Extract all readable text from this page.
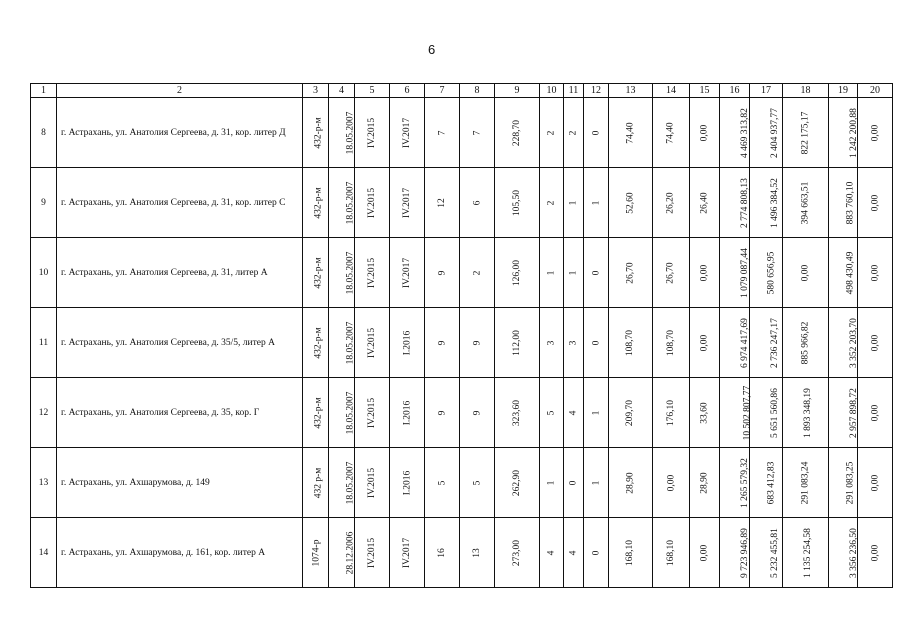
6
1	2	3	4	5	6	7	8	9	10	11	12	13	14	15	16	17	18	19	20
8	г. Астрахань, ул. Анатолия Сергеева, д. 31, кор. литер Д	432-р-м	18.05.2007	IV.2015	IV.2017	7	7	228,70	2	2	0	74,40	74,40	0,00	4 469 313,82	2 404 937,77	822 175,17	1 242 200,88	0,00
9	г. Астрахань, ул. Анатолия Сергеева, д. 31, кор. литер С	432-р-м	18.05.2007	IV.2015	IV.2017	12	6	105,50	2	1	1	52,60	26,20	26,40	2 774 808,13	1 496 384,52	394 663,51	883 760,10	0,00
10	г. Астрахань, ул. Анатолия Сергеева, д. 31, литер А	432-р-м	18.05.2007	IV.2015	IV.2017	9	2	126,00	1	1	0	26,70	26,70	0,00	1 079 087,44	580 656,95	0,00	498 430,49	0,00
11	г. Астрахань, ул. Анатолия Сергеева, д. 35/5, литер А	432-р-м	18.05.2007	IV.2015	I.2016	9	9	112,00	3	3	0	108,70	108,70	0,00	6 974 417,69	2 736 247,17	885 966,82	3 352 203,70	0,00
12	г. Астрахань, ул. Анатолия Сергеева, д. 35, кор. Г	432-р-м	18.05.2007	IV.2015	I.2016	9	9	323,60	5	4	1	209,70	176,10	33,60	10 502 807,77	5 651 560,86	1 893 348,19	2 957 898,72	0,00
13	г. Астрахань, ул. Ахшарумова, д. 149	432 р-м	18.05.2007	IV.2015	I.2016	5	5	262,90	1	0	1	28,90	0,00	28,90	1 265 579,32	683 412,83	291 083,24	291 083,25	0,00
14	г. Астрахань, ул. Ахшарумова, д. 161, кор. литер А	1074-р	28.12.2006	IV.2015	IV.2017	16	13	273,00	4	4	0	168,10	168,10	0,00	9 723 946,89	5 232 455,81	1 135 254,58	3 356 236,50	0,00
